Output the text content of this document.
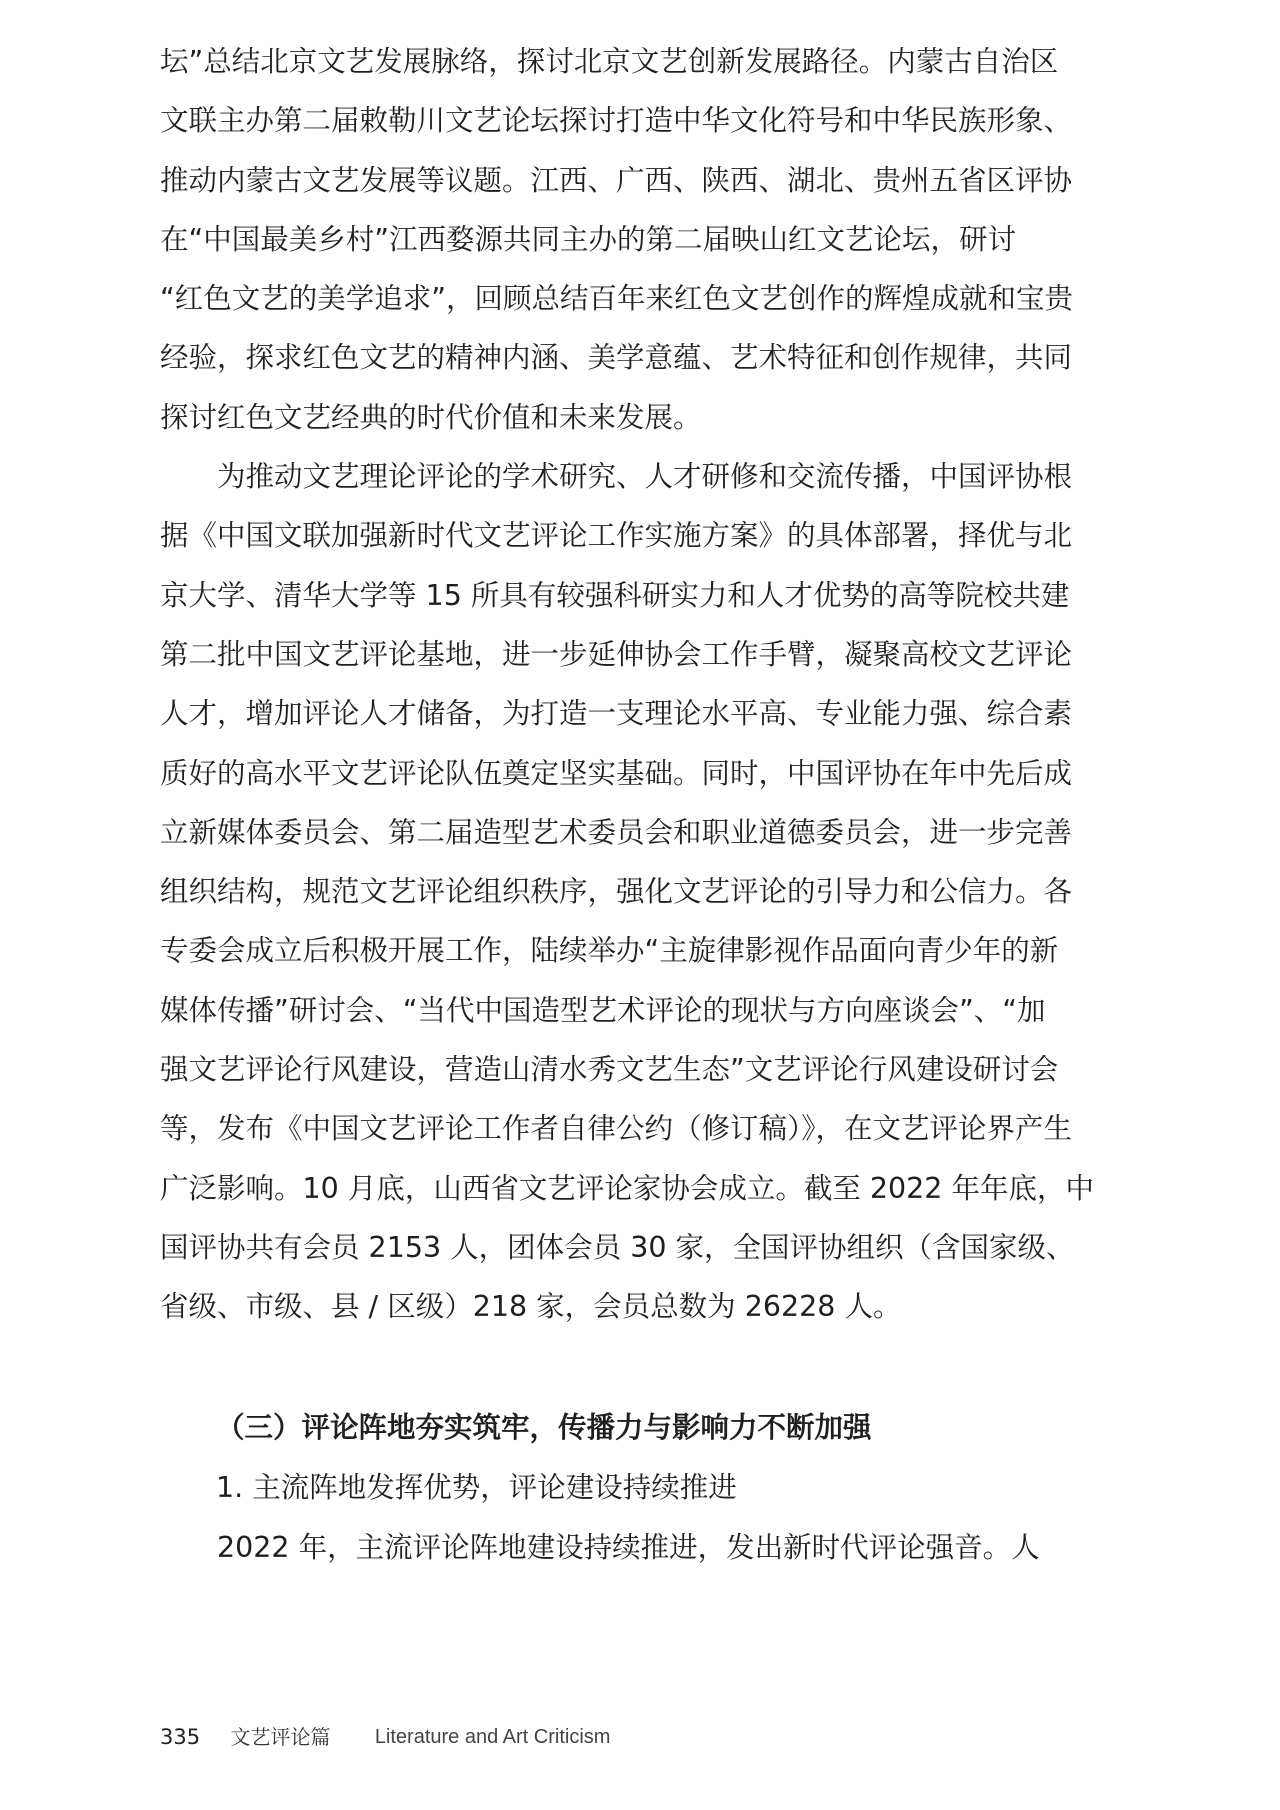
坛”总结北京文艺发展脉络，探讨北京文艺创新发展路径。内蒙古自治区
文联主办第二届敕勒川文艺论坛探讨打造中华文化符号和中华民族形象、
推动内蒙古文艺发展等议题。江西、广西、陕西、湖北、贵州五省区评协
在“中国最美乡村”江西婺源共同主办的第二届映山红文艺论坛，研讨
“红色文艺的美学追求”，回顾总结百年来红色文艺创作的辉煌成就和宝贵
经验，探求红色文艺的精神内涵、美学意蕴、艺术特征和创作规律，共同
探讨红色文艺经典的时代价值和未来发展。
　　为推动文艺理论评论的学术研究、人才研修和交流传播，中国评协根
据《中国文联加强新时代文艺评论工作实施方案》的具体部署，择优与北
京大学、清华大学等 15 所具有较强科研实力和人才优势的高等院校共建
第二批中国文艺评论基地，进一步延伸协会工作手臂，凝聚高校文艺评论
人才，增加评论人才储备，为打造一支理论水平高、专业能力强、综合素
质好的高水平文艺评论队伍奠定坚实基础。同时，中国评协在年中先后成
立新媒体委员会、第二届造型艺术委员会和职业道德委员会，进一步完善
组织结构，规范文艺评论组织秩序，强化文艺评论的引导力和公信力。各
专委会成立后积极开展工作，陆续举办“主旋律影视作品面向青少年的新
媒体传播”研讨会、“当代中国造型艺术评论的现状与方向座谈会”、“加
强文艺评论行风建设，营造山清水秀文艺生态”文艺评论行风建设研讨会
等，发布《中国文艺评论工作者自律公约（修订稿）》，在文艺评论界产生
广泛影响。10 月底，山西省文艺评论家协会成立。截至 2022 年年底，中
国评协共有会员 2153 人，团体会员 30 家，全国评协组织（含国家级、
省级、市级、县 / 区级）218 家，会员总数为 26228 人。
（三）评论阵地夯实筑牢，传播力与影响力不断加强
1. 主流阵地发挥优势，评论建设持续推进
　　2022 年，主流评论阵地建设持续推进，发出新时代评论强音。人
335 文艺评论篇 Literature and Art Criticism
